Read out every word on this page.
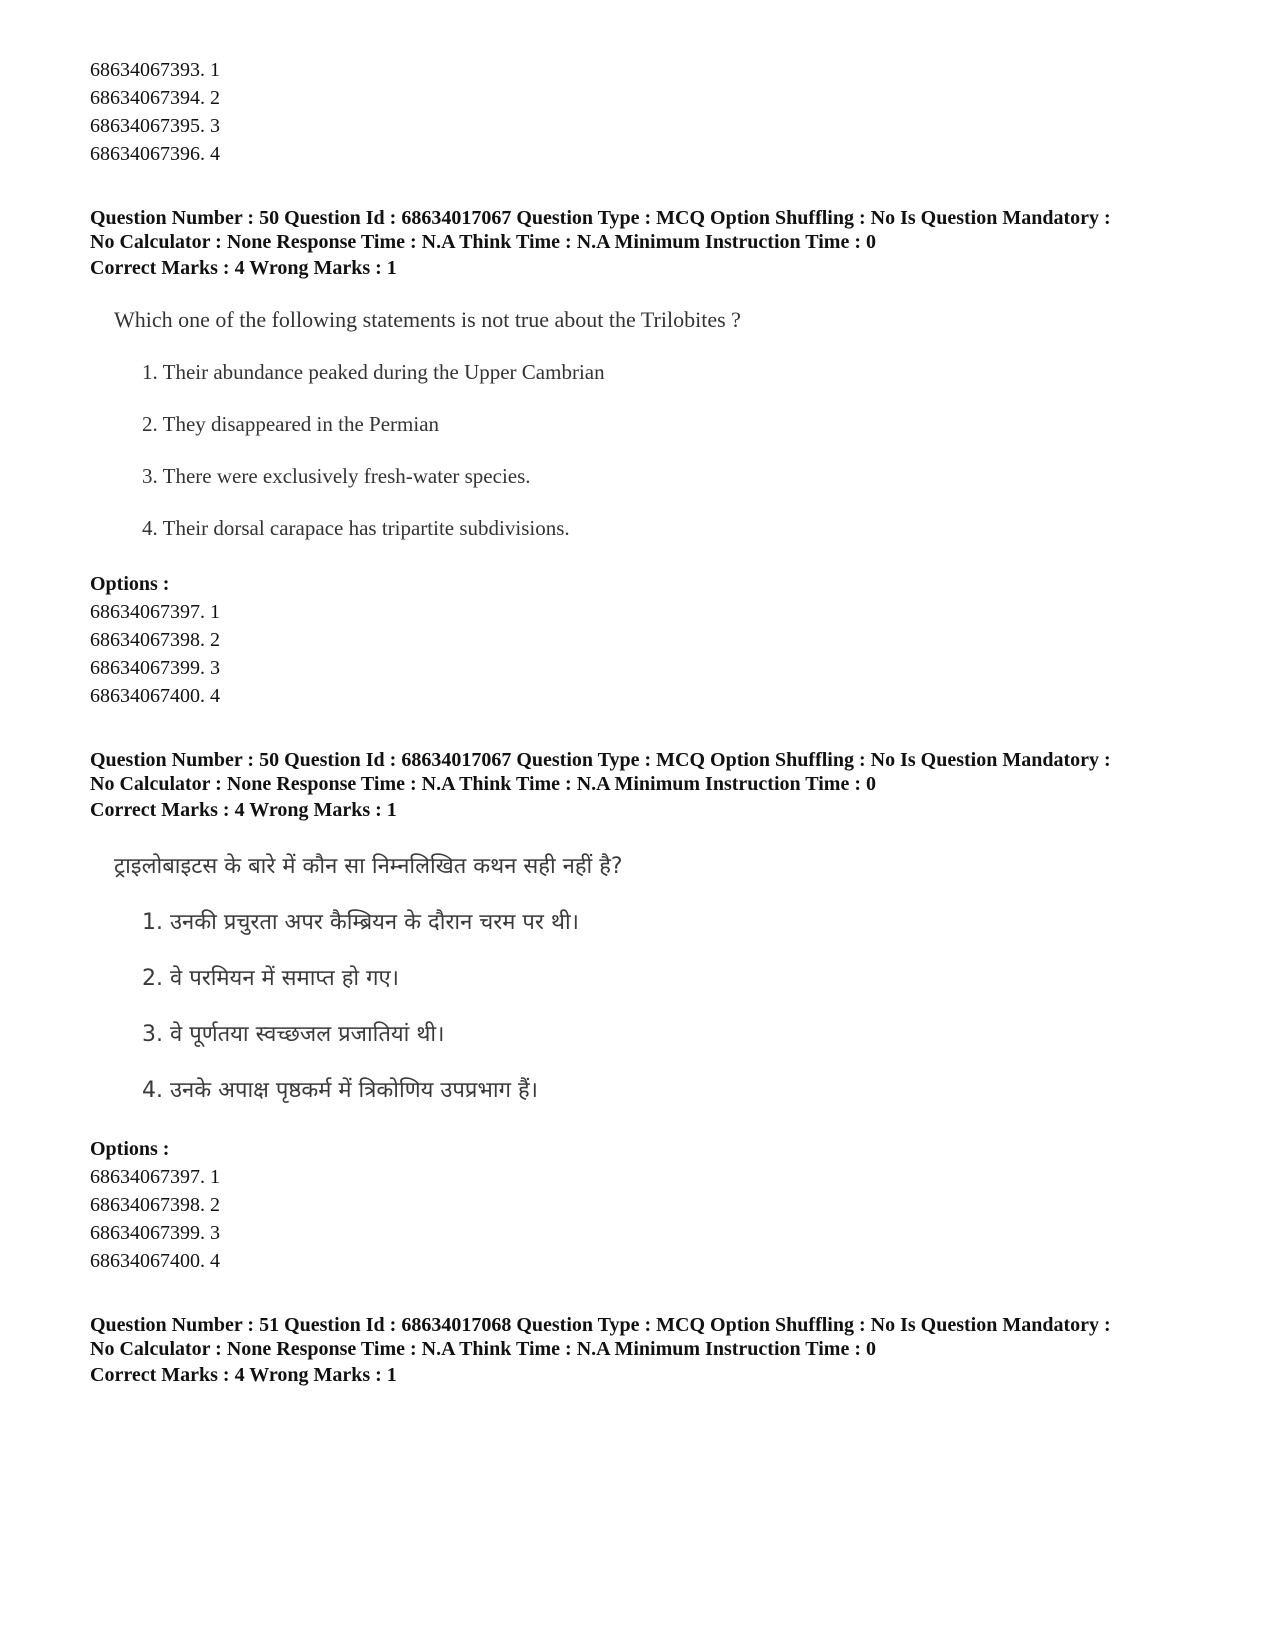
68634067393. 1
68634067394. 2
68634067395. 3
68634067396. 4
Question Number : 50 Question Id : 68634017067 Question Type : MCQ Option Shuffling : No Is Question Mandatory :
No Calculator : None Response Time : N.A Think Time : N.A Minimum Instruction Time : 0
Correct Marks : 4 Wrong Marks : 1
Which one of the following statements is not true about the Trilobites ?
1. Their abundance peaked during the Upper Cambrian
2. They disappeared in the Permian
3. There were exclusively fresh-water species.
4. Their dorsal carapace has tripartite subdivisions.
Options :
68634067397. 1
68634067398. 2
68634067399. 3
68634067400. 4
Question Number : 50 Question Id : 68634017067 Question Type : MCQ Option Shuffling : No Is Question Mandatory :
No Calculator : None Response Time : N.A Think Time : N.A Minimum Instruction Time : 0
Correct Marks : 4 Wrong Marks : 1
ट्राइलोबाइटस के बारे में कौन सा निम्नलिखित कथन सही नहीं है?
1. उनकी प्रचुरता अपर कैम्ब्रियन के दौरान चरम पर थी।
2. वे परमियन में समाप्त हो गए।
3. वे पूर्णतया स्वच्छजल प्रजातियां थी।
4. उनके अपाक्ष पृष्ठकर्म में त्रिकोणिय उपप्रभाग हैं।
Options :
68634067397. 1
68634067398. 2
68634067399. 3
68634067400. 4
Question Number : 51 Question Id : 68634017068 Question Type : MCQ Option Shuffling : No Is Question Mandatory :
No Calculator : None Response Time : N.A Think Time : N.A Minimum Instruction Time : 0
Correct Marks : 4 Wrong Marks : 1
